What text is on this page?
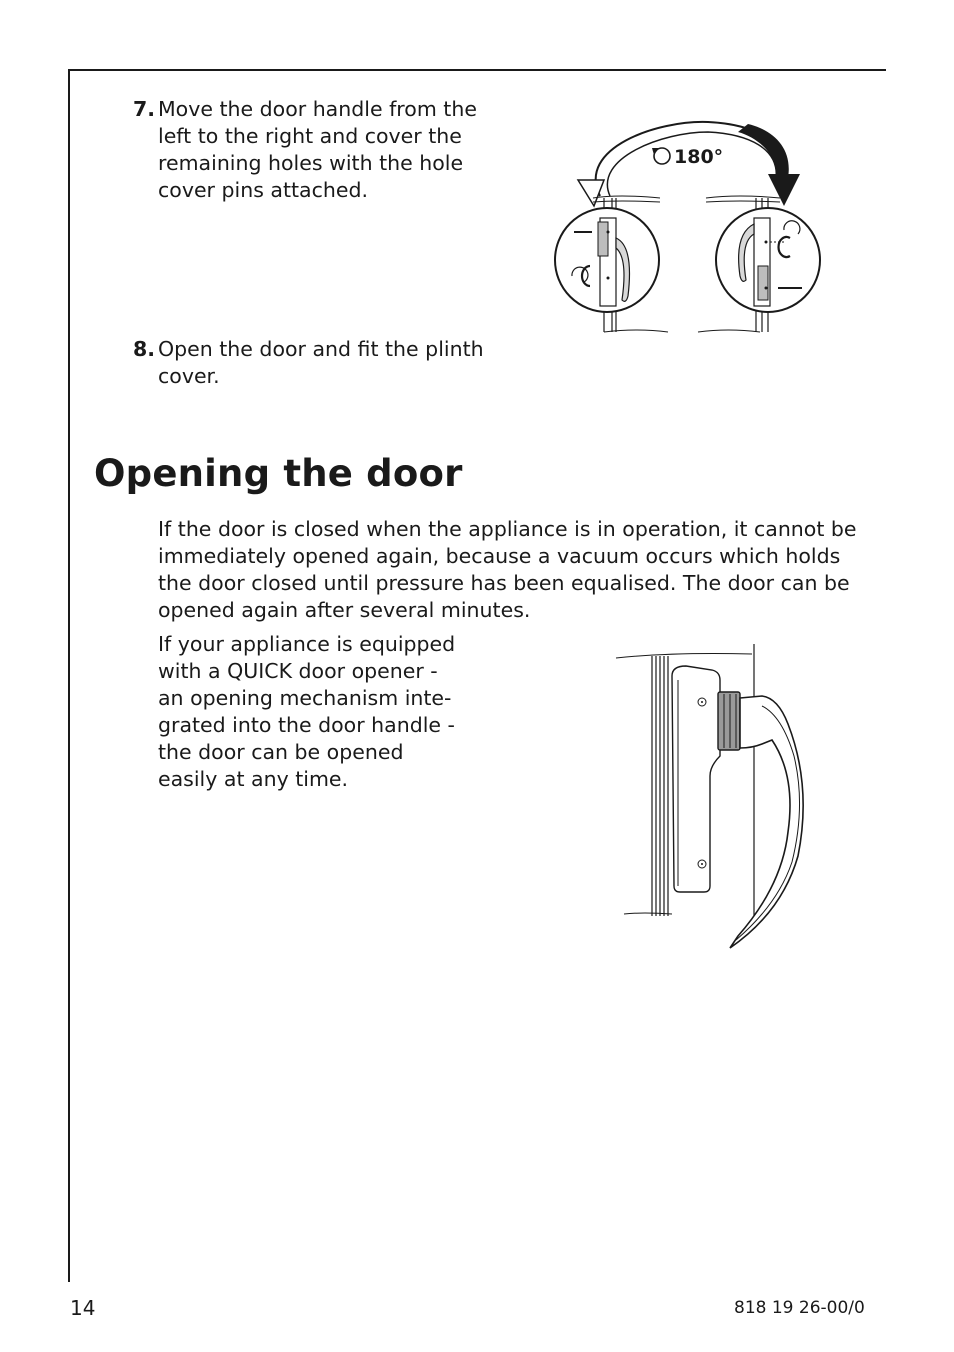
7. Move the door handle from the left to the right and cover the remaining holes with the hole cover pins attached.
180°
8. Open the door and fit the plinth cover.
Opening the door
If the door is closed when the appliance is in operation, it cannot be immediately opened again, because a vacuum occurs which holds the door closed until pressure has been equalised. The door can be opened again after several minutes.
If your appliance is equipped with a QUICK door opener - an opening mechanism inte-grated into the door handle - the door can be opened easily at any time.
14	818 19 26-00/0
